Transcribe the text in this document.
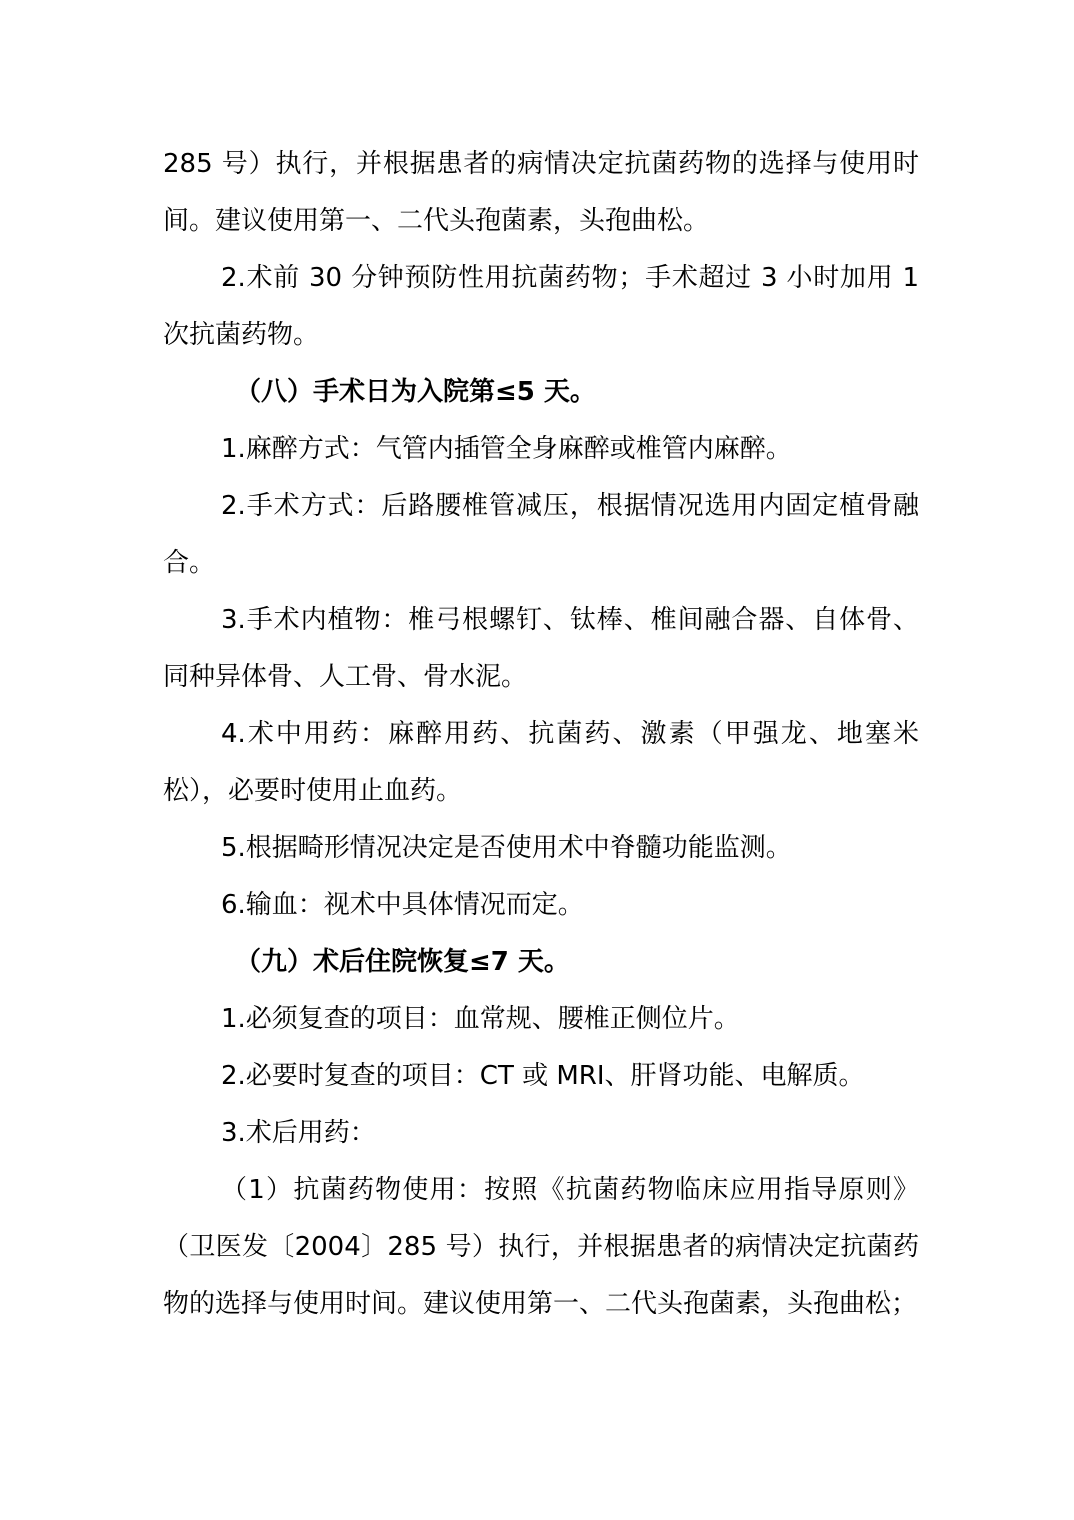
285 号）执行，并根据患者的病情决定抗菌药物的选择与使用时间。建议使用第一、二代头孢菌素，头孢曲松。

2.术前 30 分钟预防性用抗菌药物；手术超过 3 小时加用 1 次抗菌药物。

（八）手术日为入院第≤5 天。

1.麻醉方式：气管内插管全身麻醉或椎管内麻醉。

2.手术方式：后路腰椎管减压，根据情况选用内固定植骨融合。

3.手术内植物：椎弓根螺钉、钛棒、椎间融合器、自体骨、同种异体骨、人工骨、骨水泥。

4.术中用药：麻醉用药、抗菌药、激素（甲强龙、地塞米松），必要时使用止血药。

5.根据畸形情况决定是否使用术中脊髓功能监测。

6.输血：视术中具体情况而定。

（九）术后住院恢复≤7 天。

1.必须复查的项目：血常规、腰椎正侧位片。

2.必要时复查的项目：CT 或 MRI、肝肾功能、电解质。

3.术后用药：

（1）抗菌药物使用：按照《抗菌药物临床应用指导原则》（卫医发〔2004〕285 号）执行，并根据患者的病情决定抗菌药物的选择与使用时间。建议使用第一、二代头孢菌素，头孢曲松；
